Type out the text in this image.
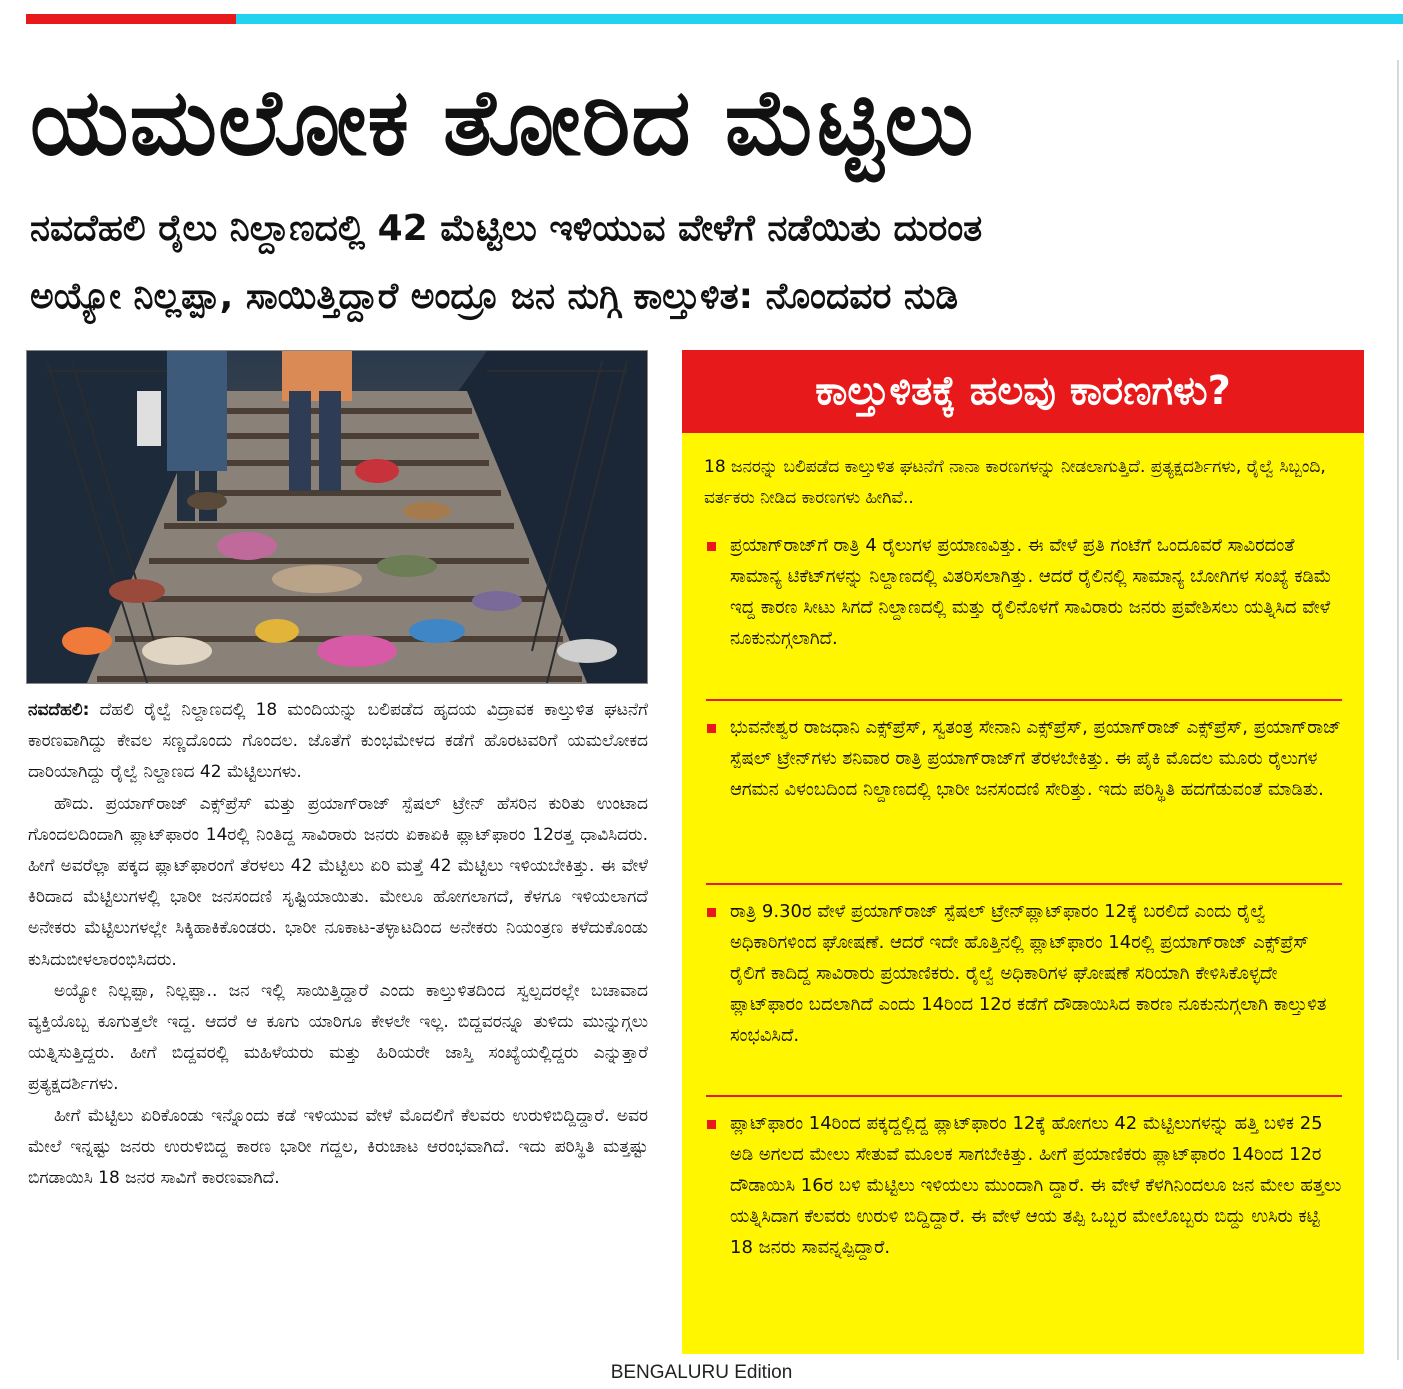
ಯಮಲೋಕ ತೋರಿದ ಮೆಟ್ಟಿಲು
ನವದೆಹಲಿ ರೈಲು ನಿಲ್ದಾಣದಲ್ಲಿ 42 ಮೆಟ್ಟಿಲು ಇಳಿಯುವ ವೇಳೆಗೆ ನಡೆಯಿತು ದುರಂತ
ಅಯ್ಯೋ ನಿಲ್ಲಪ್ಪಾ, ಸಾಯಿತ್ತಿದ್ದಾರೆ ಅಂದ್ರೂ ಜನ ನುಗ್ಗಿ ಕಾಲ್ತುಳಿತ: ನೊಂದವರ ನುಡಿ

ನವದೆಹಲಿ: ದೆಹಲಿ ರೈಲ್ವೆ ನಿಲ್ದಾಣದಲ್ಲಿ 18 ಮಂದಿಯನ್ನು ಬಲಿಪಡೆದ ಹೃದಯ ವಿದ್ರಾವಕ ಕಾಲ್ತುಳಿತ ಘಟನೆಗೆ ಕಾರಣವಾಗಿದ್ದು ಕೇವಲ ಸಣ್ಣದೊಂದು ಗೊಂದಲ. ಜೊತೆಗೆ ಕುಂಭಮೇಳದ ಕಡೆಗೆ ಹೊರಟವರಿಗೆ ಯಮಲೋಕದ ದಾರಿಯಾಗಿದ್ದು ರೈಲ್ವೆ ನಿಲ್ದಾಣದ 42 ಮೆಟ್ಟಿಲುಗಳು.

ಹೌದು. ಪ್ರಯಾಗ್‌ರಾಜ್ ಎಕ್ಸ್‌ಪ್ರೆಸ್ ಮತ್ತು ಪ್ರಯಾಗ್‌ರಾಜ್ ಸ್ಪೆಷಲ್ ಟ್ರೇನ್ ಹೆಸರಿನ ಕುರಿತು ಉಂಟಾದ ಗೊಂದಲದಿಂದಾಗಿ ಪ್ಲಾಟ್‌ಫಾರಂ 14ರಲ್ಲಿ ನಿಂತಿದ್ದ ಸಾವಿರಾರು ಜನರು ಏಕಾಏಕಿ ಪ್ಲಾಟ್‌ಫಾರಂ 12ರತ್ತ ಧಾವಿಸಿದರು. ಹೀಗೆ ಅವರೆಲ್ಲಾ ಪಕ್ಕದ ಪ್ಲಾಟ್‌ಫಾರಂಗೆ ತೆರಳಲು 42 ಮೆಟ್ಟಿಲು ಏರಿ ಮತ್ತೆ 42 ಮೆಟ್ಟಿಲು ಇಳಿಯಬೇಕಿತ್ತು. ಈ ವೇಳೆ ಕಿರಿದಾದ ಮೆಟ್ಟಿಲುಗಳಲ್ಲಿ ಭಾರೀ ಜನಸಂದಣಿ ಸೃಷ್ಟಿಯಾಯಿತು. ಮೇಲೂ ಹೋಗಲಾಗದೆ, ಕೆಳಗೂ ಇಳಿಯಲಾಗದೆ ಅನೇಕರು ಮೆಟ್ಟಿಲುಗಳಲ್ಲೇ ಸಿಕ್ಕಿಹಾಕಿಕೊಂಡರು. ಭಾರೀ ನೂಕಾಟ-ತಳ್ಳಾಟದಿಂದ ಅನೇಕರು ನಿಯಂತ್ರಣ ಕಳೆದುಕೊಂಡು ಕುಸಿದುಬೀಳಲಾರಂಭಿಸಿದರು.

ಅಯ್ಯೋ ನಿಲ್ಲಪ್ಪಾ, ನಿಲ್ಲಪ್ಪಾ.. ಜನ ಇಲ್ಲಿ ಸಾಯಿತ್ತಿದ್ದಾರೆ ಎಂದು ಕಾಲ್ತುಳಿತದಿಂದ ಸ್ವಲ್ಪದರಲ್ಲೇ ಬಚಾವಾದ ವ್ಯಕ್ತಿಯೊಬ್ಬ ಕೂಗುತ್ತಲೇ ಇದ್ದ. ಆದರೆ ಆ ಕೂಗು ಯಾರಿಗೂ ಕೇಳಲೇ ಇಲ್ಲ. ಬಿದ್ದವರನ್ನೂ ತುಳಿದು ಮುನ್ನುಗ್ಗಲು ಯತ್ನಿಸುತ್ತಿದ್ದರು. ಹೀಗೆ ಬಿದ್ದವರಲ್ಲಿ ಮಹಿಳೆಯರು ಮತ್ತು ಹಿರಿಯರೇ ಜಾಸ್ತಿ ಸಂಖ್ಯೆಯಲ್ಲಿದ್ದರು ಎನ್ನುತ್ತಾರೆ ಪ್ರತ್ಯಕ್ಷದರ್ಶಿಗಳು.

ಹೀಗೆ ಮೆಟ್ಟಿಲು ಏರಿಕೊಂಡು ಇನ್ನೊಂದು ಕಡೆ ಇಳಿಯುವ ವೇಳೆ ಮೊದಲಿಗೆ ಕೆಲವರು ಉರುಳಿಬಿದ್ದಿದ್ದಾರೆ. ಅವರ ಮೇಲೆ ಇನ್ನಷ್ಟು ಜನರು ಉರುಳಿಬಿದ್ದ ಕಾರಣ ಭಾರೀ ಗದ್ದಲ, ಕಿರುಚಾಟ ಆರಂಭವಾಗಿದೆ. ಇದು ಪರಿಸ್ಥಿತಿ ಮತ್ತಷ್ಟು ಬಿಗಡಾಯಿಸಿ 18 ಜನರ ಸಾವಿಗೆ ಕಾರಣವಾಗಿದೆ.

ಕಾಲ್ತುಳಿತಕ್ಕೆ ಹಲವು ಕಾರಣಗಳು?
18 ಜನರನ್ನು ಬಲಿಪಡೆದ ಕಾಲ್ತುಳಿತ ಘಟನೆಗೆ ನಾನಾ ಕಾರಣಗಳನ್ನು ನೀಡಲಾಗುತ್ತಿದೆ. ಪ್ರತ್ಯಕ್ಷದರ್ಶಿಗಳು, ರೈಲ್ವೆ ಸಿಬ್ಬಂದಿ, ವರ್ತಕರು ನೀಡಿದ ಕಾರಣಗಳು ಹೀಗಿವೆ..
ಪ್ರಯಾಗ್‌ರಾಜ್‌ಗೆ ರಾತ್ರಿ 4 ರೈಲುಗಳ ಪ್ರಯಾಣವಿತ್ತು. ಈ ವೇಳೆ ಪ್ರತಿ ಗಂಟೆಗೆ ಒಂದೂವರೆ ಸಾವಿರದಂತೆ ಸಾಮಾನ್ಯ ಟಿಕೆಟ್‌ಗಳನ್ನು ನಿಲ್ದಾಣದಲ್ಲಿ ವಿತರಿಸಲಾಗಿತ್ತು. ಆದರೆ ರೈಲಿನಲ್ಲಿ ಸಾಮಾನ್ಯ ಬೋಗಿಗಳ ಸಂಖ್ಯೆ ಕಡಿಮೆ ಇದ್ದ ಕಾರಣ ಸೀಟು ಸಿಗದೆ ನಿಲ್ದಾಣದಲ್ಲಿ ಮತ್ತು ರೈಲಿನೊಳಗೆ ಸಾವಿರಾರು ಜನರು ಪ್ರವೇಶಿಸಲು ಯತ್ನಿಸಿದ ವೇಳೆ ನೂಕುನುಗ್ಗಲಾಗಿದೆ.
ಭುವನೇಶ್ವರ ರಾಜಧಾನಿ ಎಕ್ಸ್‌ಪ್ರೆಸ್, ಸ್ವತಂತ್ರ ಸೇನಾನಿ ಎಕ್ಸ್‌ಪ್ರೆಸ್, ಪ್ರಯಾಗ್‌ರಾಜ್ ಎಕ್ಸ್‌ಪ್ರೆಸ್, ಪ್ರಯಾಗ್‌ರಾಜ್ ಸ್ಪೆಷಲ್ ಟ್ರೇನ್‌ಗಳು ಶನಿವಾರ ರಾತ್ರಿ ಪ್ರಯಾಗ್‌ರಾಜ್‌ಗೆ ತೆರಳಬೇಕಿತ್ತು. ಈ ಪೈಕಿ ಮೊದಲ ಮೂರು ರೈಲುಗಳ ಆಗಮನ ವಿಳಂಬದಿಂದ ನಿಲ್ದಾಣದಲ್ಲಿ ಭಾರೀ ಜನಸಂದಣಿ ಸೇರಿತ್ತು. ಇದು ಪರಿಸ್ಥಿತಿ ಹದಗೆಡುವಂತೆ ಮಾಡಿತು.
ರಾತ್ರಿ 9.30ರ ವೇಳೆ ಪ್ರಯಾಗ್‌ರಾಜ್ ಸ್ಪೆಷಲ್ ಟ್ರೇನ್‌ಪ್ಲಾಟ್‌ಫಾರಂ 12ಕ್ಕೆ ಬರಲಿದೆ ಎಂದು ರೈಲ್ವೆ ಅಧಿಕಾರಿಗಳಿಂದ ಘೋಷಣೆ. ಆದರೆ ಇದೇ ಹೊತ್ತಿನಲ್ಲಿ ಪ್ಲಾಟ್‌ಫಾರಂ 14ರಲ್ಲಿ ಪ್ರಯಾಗ್‌ರಾಜ್ ಎಕ್ಸ್‌ಪ್ರೆಸ್ ರೈಲಿಗೆ ಕಾದಿದ್ದ ಸಾವಿರಾರು ಪ್ರಯಾಣಿಕರು. ರೈಲ್ವೆ ಅಧಿಕಾರಿಗಳ ಘೋಷಣೆ ಸರಿಯಾಗಿ ಕೇಳಿಸಿಕೊಳ್ಳದೇ ಪ್ಲಾಟ್‌ಫಾರಂ ಬದಲಾಗಿದೆ ಎಂದು 14ರಿಂದ 12ರ ಕಡೆಗೆ ದೌಡಾಯಿಸಿದ ಕಾರಣ ನೂಕುನುಗ್ಗಲಾಗಿ ಕಾಲ್ತುಳಿತ ಸಂಭವಿಸಿದೆ.
ಪ್ಲಾಟ್‌ಫಾರಂ 14ರಿಂದ ಪಕ್ಕದ್ದಲ್ಲಿದ್ದ ಪ್ಲಾಟ್‌ಫಾರಂ 12ಕ್ಕೆ ಹೋಗಲು 42 ಮೆಟ್ಟಿಲುಗಳನ್ನು ಹತ್ತಿ ಬಳಿಕ 25 ಅಡಿ ಅಗಲದ ಮೇಲು ಸೇತುವೆ ಮೂಲಕ ಸಾಗಬೇಕಿತ್ತು. ಹೀಗೆ ಪ್ರಯಾಣಿಕರು ಪ್ಲಾಟ್‌ಫಾರಂ 14ರಿಂದ 12ರ ದೌಡಾಯಿಸಿ 16ರ ಬಳಿ ಮೆಟ್ಟಿಲು ಇಳಿಯಲು ಮುಂದಾಗಿ ದ್ದಾರೆ. ಈ ವೇಳೆ ಕೆಳಗಿನಿಂದಲೂ ಜನ ಮೇಲ ಹತ್ತಲು ಯತ್ನಿಸಿದಾಗ ಕೆಲವರು ಉರುಳಿ ಬಿದ್ದಿದ್ದಾರೆ. ಈ ವೇಳೆ ಆಯ ತಪ್ಪಿ ಒಬ್ಬರ ಮೇಲೊಬ್ಬರು ಬಿದ್ದು ಉಸಿರು ಕಟ್ಟಿ 18 ಜನರು ಸಾವನ್ನಪ್ಪಿದ್ದಾರೆ.
BENGALURU Edition
